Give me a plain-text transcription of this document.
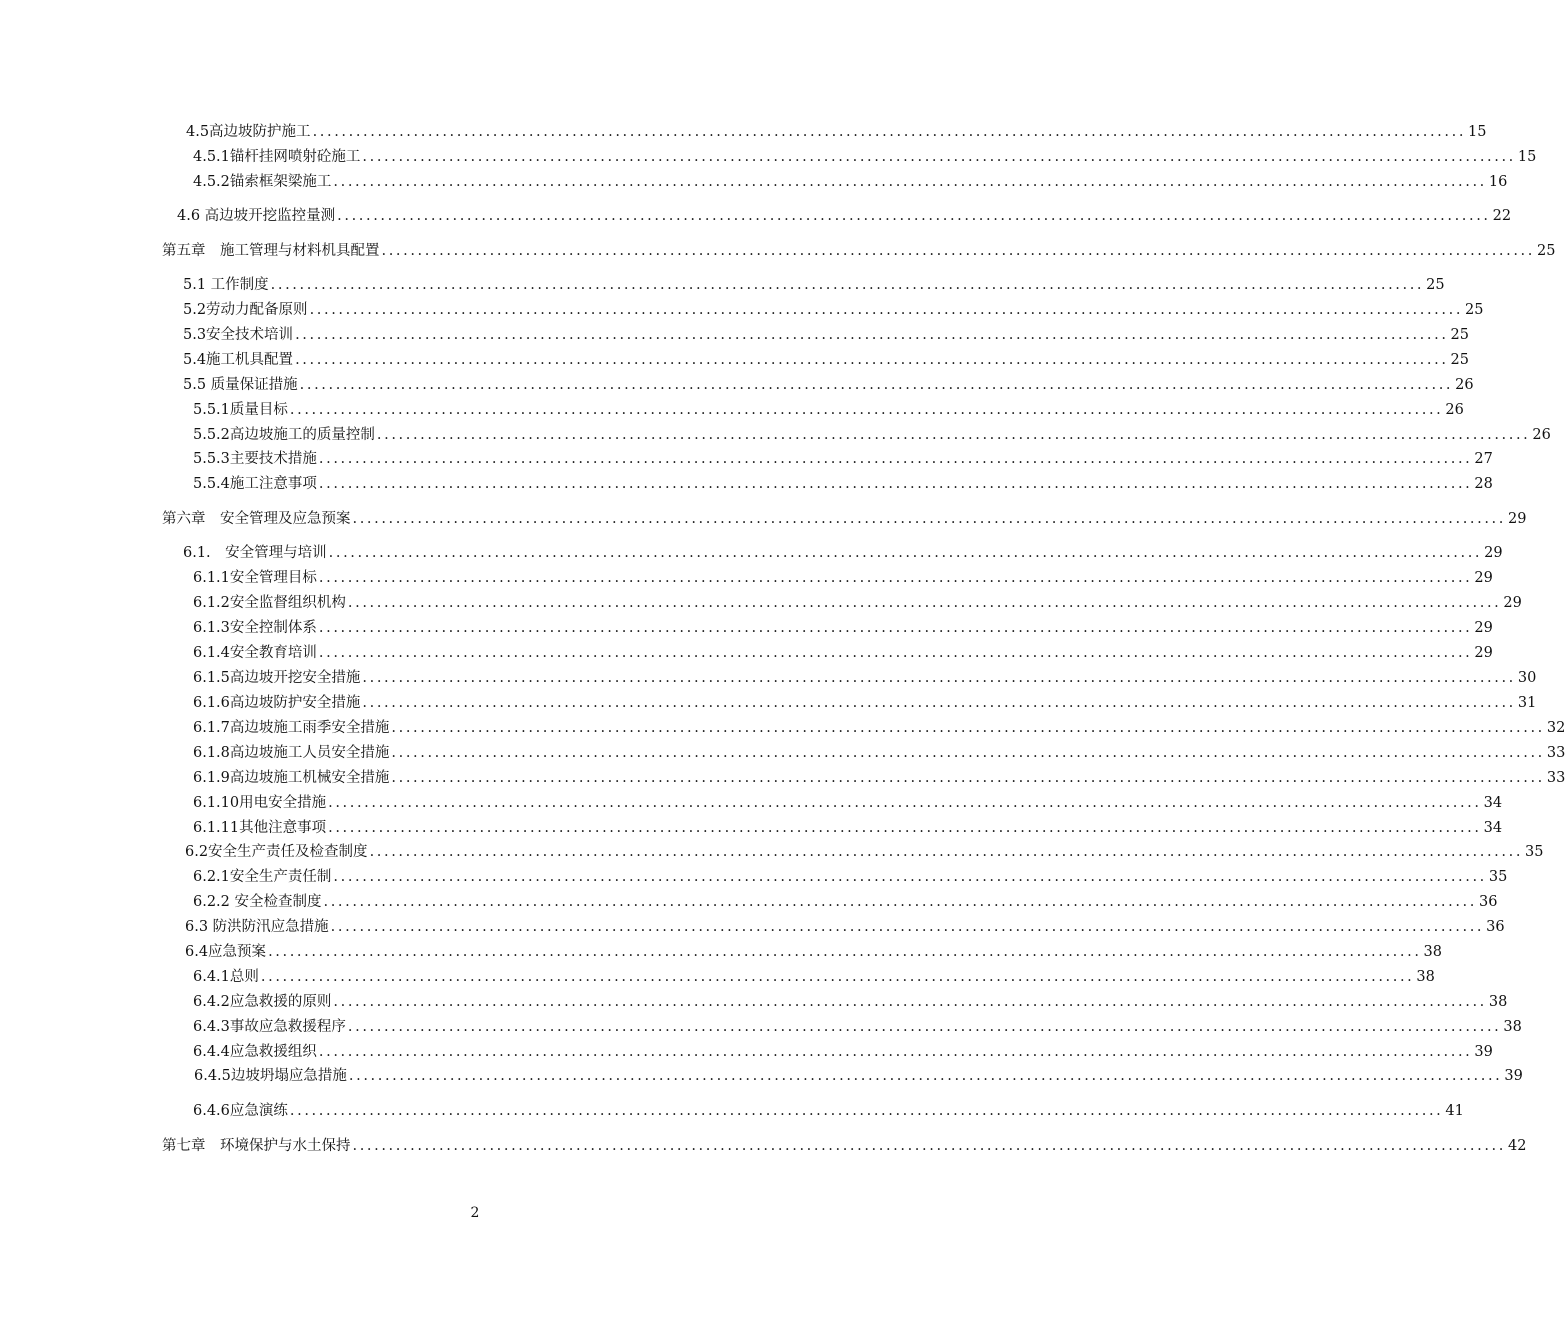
4.5高边坡防护施工 ................................................................................................................................................................ 15
4.5.1锚杆挂网喷射砼施工 ................................................................................................................................................................ 15
4.5.2锚索框架梁施工 ................................................................................................................................................................ 16
4.6 高边坡开挖监控量测 ................................................................................................................................................................ 22
第五章　施工管理与材料机具配置 ................................................................................................................................................................ 25
5.1 工作制度 ................................................................................................................................................................ 25
5.2劳动力配备原则 ................................................................................................................................................................ 25
5.3安全技术培训 ................................................................................................................................................................ 25
5.4施工机具配置 ................................................................................................................................................................ 25
5.5 质量保证措施 ................................................................................................................................................................ 26
5.5.1质量目标 ................................................................................................................................................................ 26
5.5.2高边坡施工的质量控制 ................................................................................................................................................................ 26
5.5.3主要技术措施 ................................................................................................................................................................ 27
5.5.4施工注意事项 ................................................................................................................................................................ 28
第六章　安全管理及应急预案 ................................................................................................................................................................ 29
6.1.　安全管理与培训 ................................................................................................................................................................ 29
6.1.1安全管理目标 ................................................................................................................................................................ 29
6.1.2安全监督组织机构 ................................................................................................................................................................ 29
6.1.3安全控制体系 ................................................................................................................................................................ 29
6.1.4安全教育培训 ................................................................................................................................................................ 29
6.1.5高边坡开挖安全措施 ................................................................................................................................................................ 30
6.1.6高边坡防护安全措施 ................................................................................................................................................................ 31
6.1.7高边坡施工雨季安全措施 ................................................................................................................................................................ 32
6.1.8高边坡施工人员安全措施 ................................................................................................................................................................ 33
6.1.9高边坡施工机械安全措施 ................................................................................................................................................................ 33
6.1.10用电安全措施 ................................................................................................................................................................ 34
6.1.11其他注意事项 ................................................................................................................................................................ 34
6.2安全生产责任及检查制度 ................................................................................................................................................................ 35
6.2.1安全生产责任制 ................................................................................................................................................................ 35
6.2.2 安全检查制度 ................................................................................................................................................................ 36
6.3 防洪防汛应急措施 ................................................................................................................................................................ 36
6.4应急预案 ................................................................................................................................................................ 38
6.4.1总则 ................................................................................................................................................................ 38
6.4.2应急救援的原则 ................................................................................................................................................................ 38
6.4.3事故应急救援程序 ................................................................................................................................................................ 38
6.4.4应急救援组织 ................................................................................................................................................................ 39
6.4.5边坡坍塌应急措施 ................................................................................................................................................................ 39
6.4.6应急演练 ................................................................................................................................................................ 41
第七章　环境保护与水土保持 ................................................................................................................................................................ 42
2
